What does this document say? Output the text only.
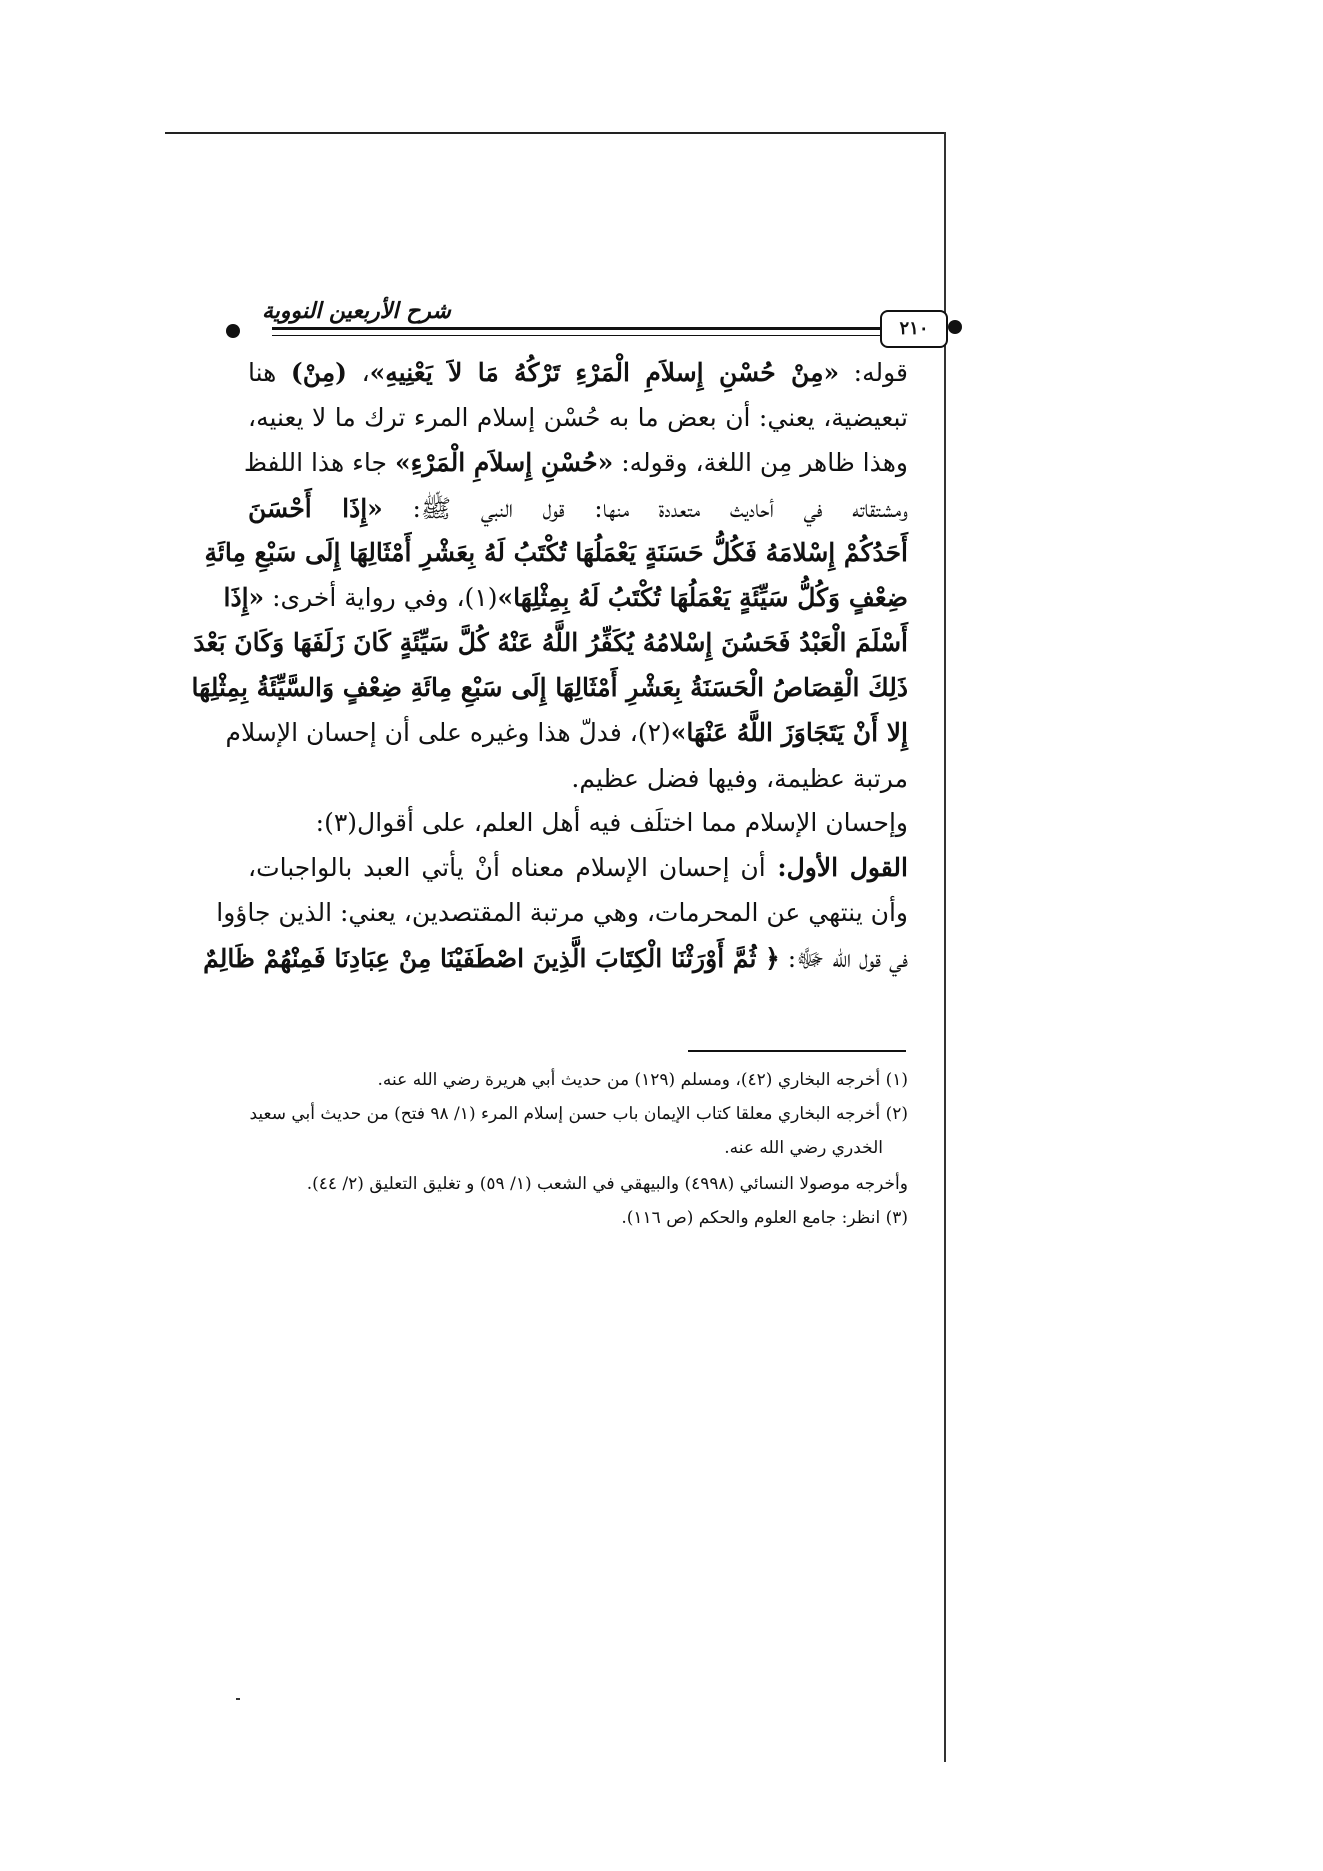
شرح الأربعين النووية
٢١٠
قوله: «مِنْ حُسْنِ إِسلاَمِ الْمَرْءِ تَرْكُهُ مَا لاَ يَعْنِيهِ»، (مِنْ) هنا
تبعيضية، يعني: أن بعض ما به حُسْن إسلام المرء ترك ما لا يعنيه،
وهذا ظاهر مِن اللغة، وقوله: «حُسْنِ إِسلاَمِ الْمَرْءِ» جاء هذا اللفظ
ومشتقاته في أحاديث متعددة منها: قول النبي ﷺ: «إِذَا أَحْسَنَ
أَحَدُكُمْ إِسْلامَهُ فَكُلُّ حَسَنَةٍ يَعْمَلُهَا تُكْتَبُ لَهُ بِعَشْرِ أَمْثَالِهَا إِلَى سَبْعِ مِائَةِ
ضِعْفٍ وَكُلُّ سَيِّئَةٍ يَعْمَلُهَا تُكْتَبُ لَهُ بِمِثْلِهَا»(١)، وفي رواية أخرى: «إِذَا
أَسْلَمَ الْعَبْدُ فَحَسُنَ إِسْلامُهُ يُكَفِّرُ اللَّهُ عَنْهُ كُلَّ سَيِّئَةٍ كَانَ زَلَفَهَا وَكَانَ بَعْدَ
ذَلِكَ الْقِصَاصُ الْحَسَنَةُ بِعَشْرِ أَمْثَالِهَا إِلَى سَبْعِ مِائَةِ ضِعْفٍ وَالسَّيِّئَةُ بِمِثْلِهَا
إِلا أَنْ يَتَجَاوَزَ اللَّهُ عَنْهَا»(٢)، فدلّ هذا وغيره على أن إحسان الإسلام
مرتبة عظيمة، وفيها فضل عظيم.
وإحسان الإسلام مما اختلَف فيه أهل العلم، على أقوال(٣):
القول الأول: أن إحسان الإسلام معناه أنْ يأتي العبد بالواجبات،
وأن ينتهي عن المحرمات، وهي مرتبة المقتصدين، يعني: الذين جاؤوا
في قول الله ﷻ: ﴿ ثُمَّ أَوْرَثْنَا الْكِتَابَ الَّذِينَ اصْطَفَيْنَا مِنْ عِبَادِنَا فَمِنْهُمْ ظَالِمٌ
(١) أخرجه البخاري (٤٢)، ومسلم (١٢٩) من حديث أبي هريرة رضي الله عنه.
(٢) أخرجه البخاري معلقا كتاب الإيمان باب حسن إسلام المرء (١/ ٩٨ فتح) من حديث أبي سعيد
الخدري رضي الله عنه.
وأخرجه موصولا النسائي (٤٩٩٨) والبيهقي في الشعب (١/ ٥٩) و تغليق التعليق (٢/ ٤٤).
(٣) انظر: جامع العلوم والحكم (ص ١١٦).
